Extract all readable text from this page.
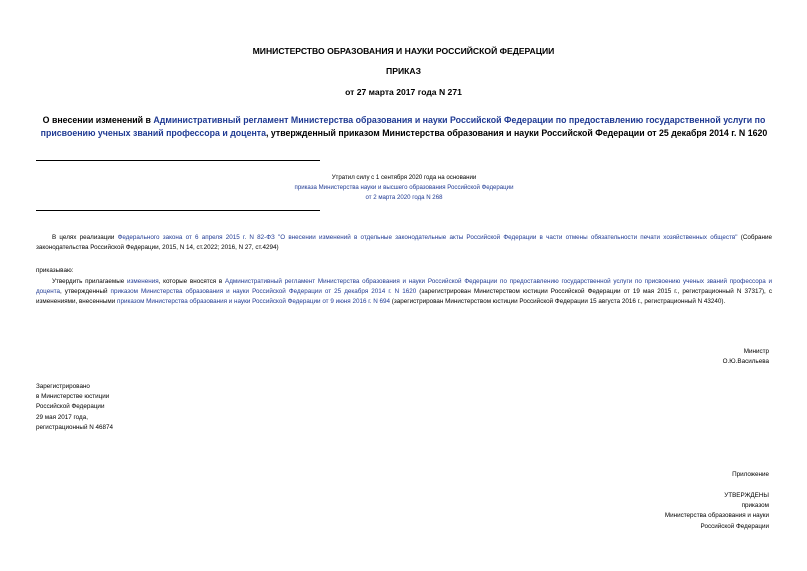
МИНИСТЕРСТВО ОБРАЗОВАНИЯ И НАУКИ РОССИЙСКОЙ ФЕДЕРАЦИИ
ПРИКАЗ
от 27 марта 2017 года N 271
О внесении изменений в Административный регламент Министерства образования и науки Российской Федерации по предоставлению государственной услуги по присвоению ученых званий профессора и доцента, утвержденный приказом Министерства образования и науки Российской Федерации от 25 декабря 2014 г. N 1620
Утратил силу с 1 сентября 2020 года на основании
приказа Министерства науки и высшего образования Российской Федерации
от 2 марта 2020 года N 268
В целях реализации Федерального закона от 6 апреля 2015 г. N 82-ФЗ "О внесении изменений в отдельные законодательные акты Российской Федерации в части отмены обязательности печати хозяйственных обществ" (Собрание законодательства Российской Федерации, 2015, N 14, ст.2022; 2016, N 27, ст.4294)
приказываю:
Утвердить прилагаемые изменения, которые вносятся в Административный регламент Министерства образования и науки Российской Федерации по предоставлению государственной услуги по присвоению ученых званий профессора и доцента, утвержденный приказом Министерства образования и науки Российской Федерации от 25 декабря 2014 г. N 1620 (зарегистрирован Министерством юстиции Российской Федерации от 19 мая 2015 г., регистрационный N 37317), с изменениями, внесенными приказом Министерства образования и науки Российской Федерации от 9 июня 2016 г. N 694 (зарегистрирован Министерством юстиции Российской Федерации 15 августа 2016 г., регистрационный N 43240).
Министр
О.Ю.Васильева
Зарегистрировано
в Министерстве юстиции
Российской Федерации
29 мая 2017 года,
регистрационный N 46874
Приложение
УТВЕРЖДЕНЫ
приказом
Министерства образования и науки
Российской Федерации
